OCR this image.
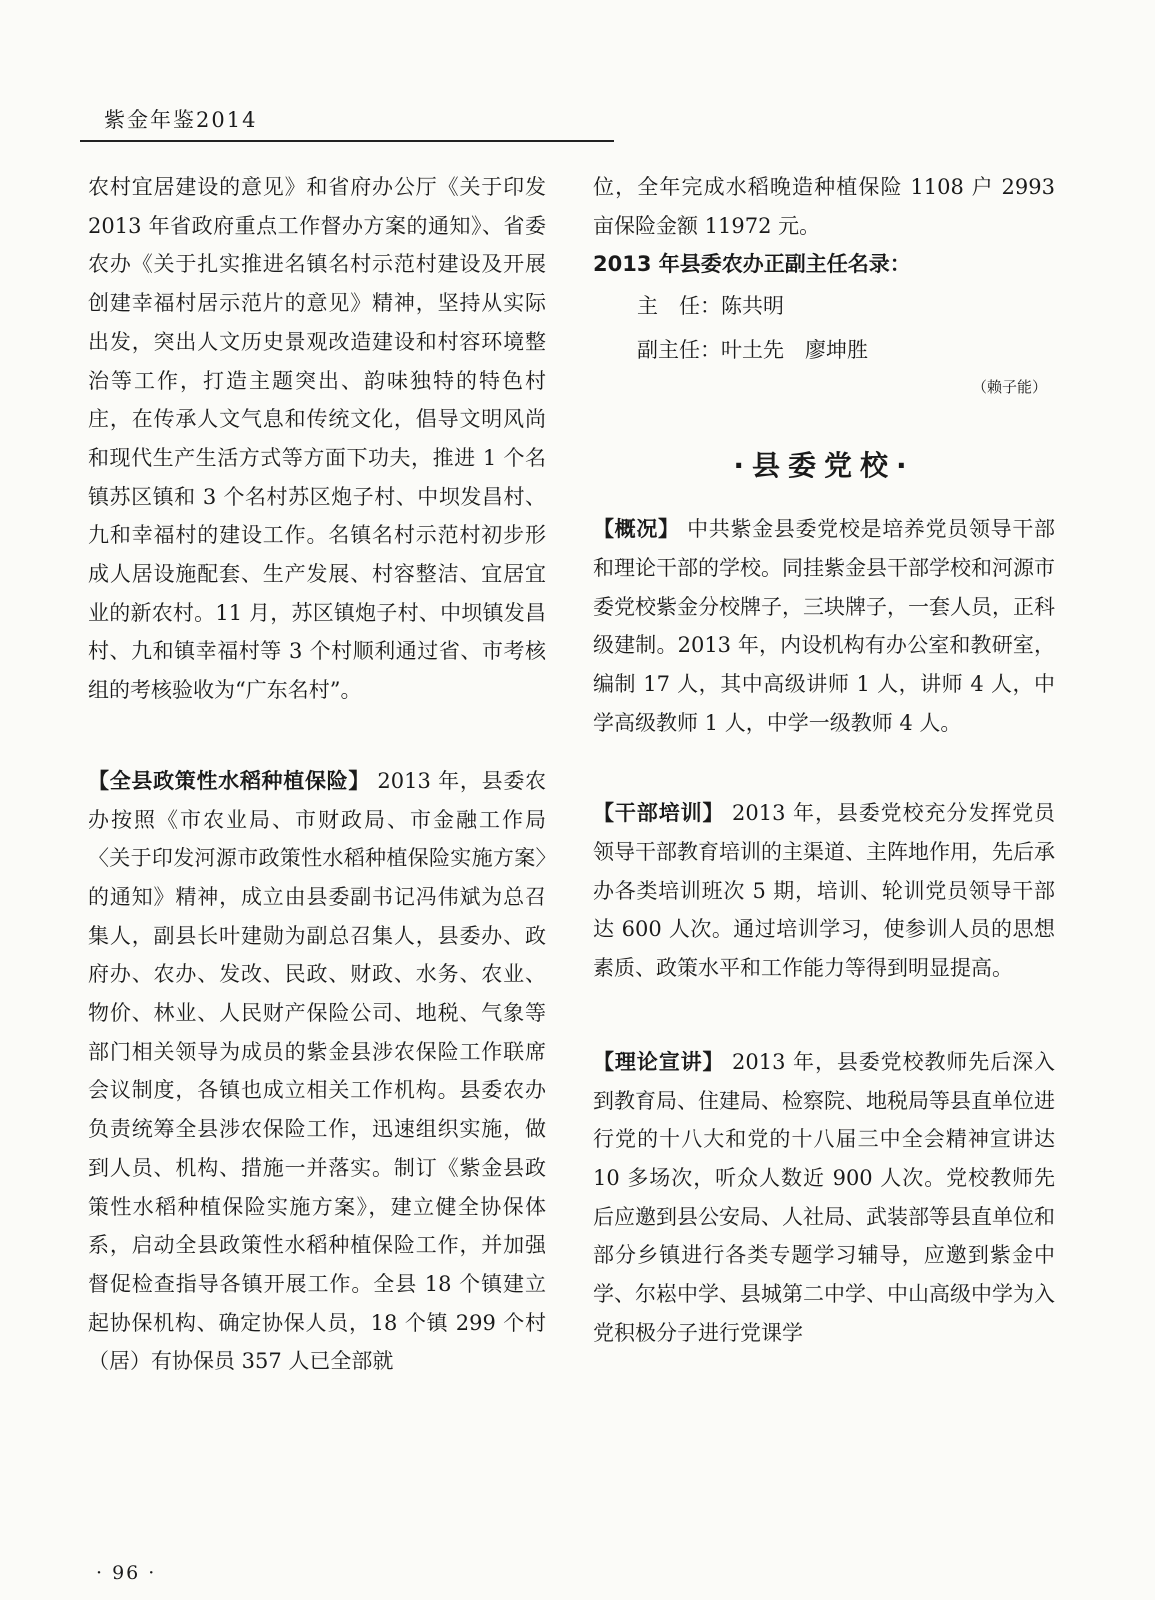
紫金年鉴2014

农村宜居建设的意见》和省府办公厅《关于印发 2013 年省政府重点工作督办方案的通知》、省委农办《关于扎实推进名镇名村示范村建设及开展创建幸福村居示范片的意见》精神，坚持从实际出发，突出人文历史景观改造建设和村容环境整治等工作，打造主题突出、韵味独特的特色村庄，在传承人文气息和传统文化，倡导文明风尚和现代生产生活方式等方面下功夫，推进 1 个名镇苏区镇和 3 个名村苏区炮子村、中坝发昌村、九和幸福村的建设工作。名镇名村示范村初步形成人居设施配套、生产发展、村容整洁、宜居宜业的新农村。11 月，苏区镇炮子村、中坝镇发昌村、九和镇幸福村等 3 个村顺利通过省、市考核组的考核验收为“广东名村”。

【全县政策性水稻种植保险】 2013 年，县委农办按照《市农业局、市财政局、市金融工作局〈关于印发河源市政策性水稻种植保险实施方案〉的通知》精神，成立由县委副书记冯伟斌为总召集人，副县长叶建勋为副总召集人，县委办、政府办、农办、发改、民政、财政、水务、农业、物价、林业、人民财产保险公司、地税、气象等部门相关领导为成员的紫金县涉农保险工作联席会议制度，各镇也成立相关工作机构。县委农办负责统筹全县涉农保险工作，迅速组织实施，做到人员、机构、措施一并落实。制订《紫金县政策性水稻种植保险实施方案》，建立健全协保体系，启动全县政策性水稻种植保险工作，并加强督促检查指导各镇开展工作。全县 18 个镇建立起协保机构、确定协保人员，18 个镇 299 个村（居）有协保员 357 人已全部就

位，全年完成水稻晚造种植保险 1108 户 2993 亩保险金额 11972 元。

2013 年县委农办正副主任名录：

主　任：陈共明

副主任：叶土先　廖坤胜

（赖子能）

·县委党校·

【概况】 中共紫金县委党校是培养党员领导干部和理论干部的学校。同挂紫金县干部学校和河源市委党校紫金分校牌子，三块牌子，一套人员，正科级建制。2013 年，内设机构有办公室和教研室，编制 17 人，其中高级讲师 1 人，讲师 4 人，中学高级教师 1 人，中学一级教师 4 人。

【干部培训】 2013 年，县委党校充分发挥党员领导干部教育培训的主渠道、主阵地作用，先后承办各类培训班次 5 期，培训、轮训党员领导干部达 600 人次。通过培训学习，使参训人员的思想素质、政策水平和工作能力等得到明显提高。

【理论宣讲】 2013 年，县委党校教师先后深入到教育局、住建局、检察院、地税局等县直单位进行党的十八大和党的十八届三中全会精神宣讲达 10 多场次，听众人数近 900 人次。党校教师先后应邀到县公安局、人社局、武装部等县直单位和部分乡镇进行各类专题学习辅导，应邀到紫金中学、尔崧中学、县城第二中学、中山高级中学为入党积极分子进行党课学

· 96 ·
